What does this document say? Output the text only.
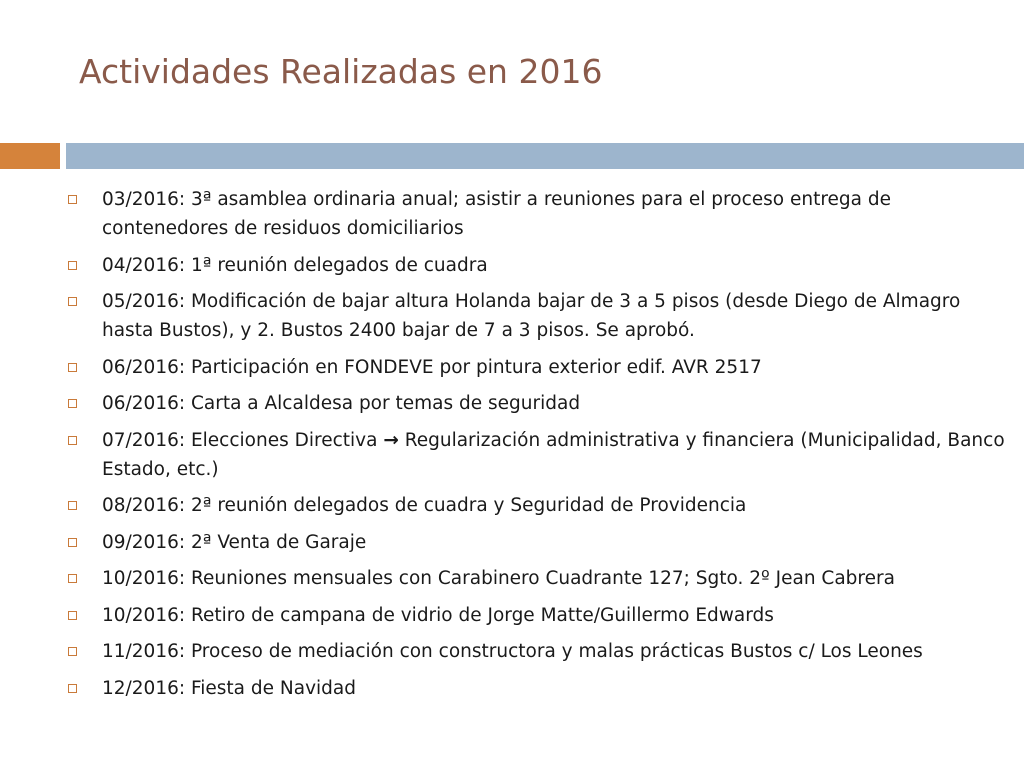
Actividades Realizadas en 2016
03/2016: 3ª asamblea ordinaria anual; asistir a reuniones para el proceso entrega de contenedores de residuos domiciliarios
04/2016: 1ª reunión delegados de cuadra
05/2016: Modificación de bajar altura Holanda bajar de 3 a 5 pisos (desde Diego de Almagro hasta Bustos), y 2. Bustos 2400 bajar de 7 a 3 pisos. Se aprobó.
06/2016: Participación en FONDEVE por pintura exterior edif. AVR 2517
06/2016: Carta a Alcaldesa por temas de seguridad
07/2016: Elecciones Directiva → Regularización administrativa y financiera (Municipalidad, Banco Estado, etc.)
08/2016: 2ª reunión delegados de cuadra y Seguridad de Providencia
09/2016: 2ª Venta de Garaje
10/2016: Reuniones mensuales con Carabinero Cuadrante 127; Sgto. 2º Jean Cabrera
10/2016: Retiro de campana de vidrio de Jorge Matte/Guillermo Edwards
11/2016: Proceso de mediación con constructora y malas prácticas Bustos c/ Los Leones
12/2016: Fiesta de Navidad
